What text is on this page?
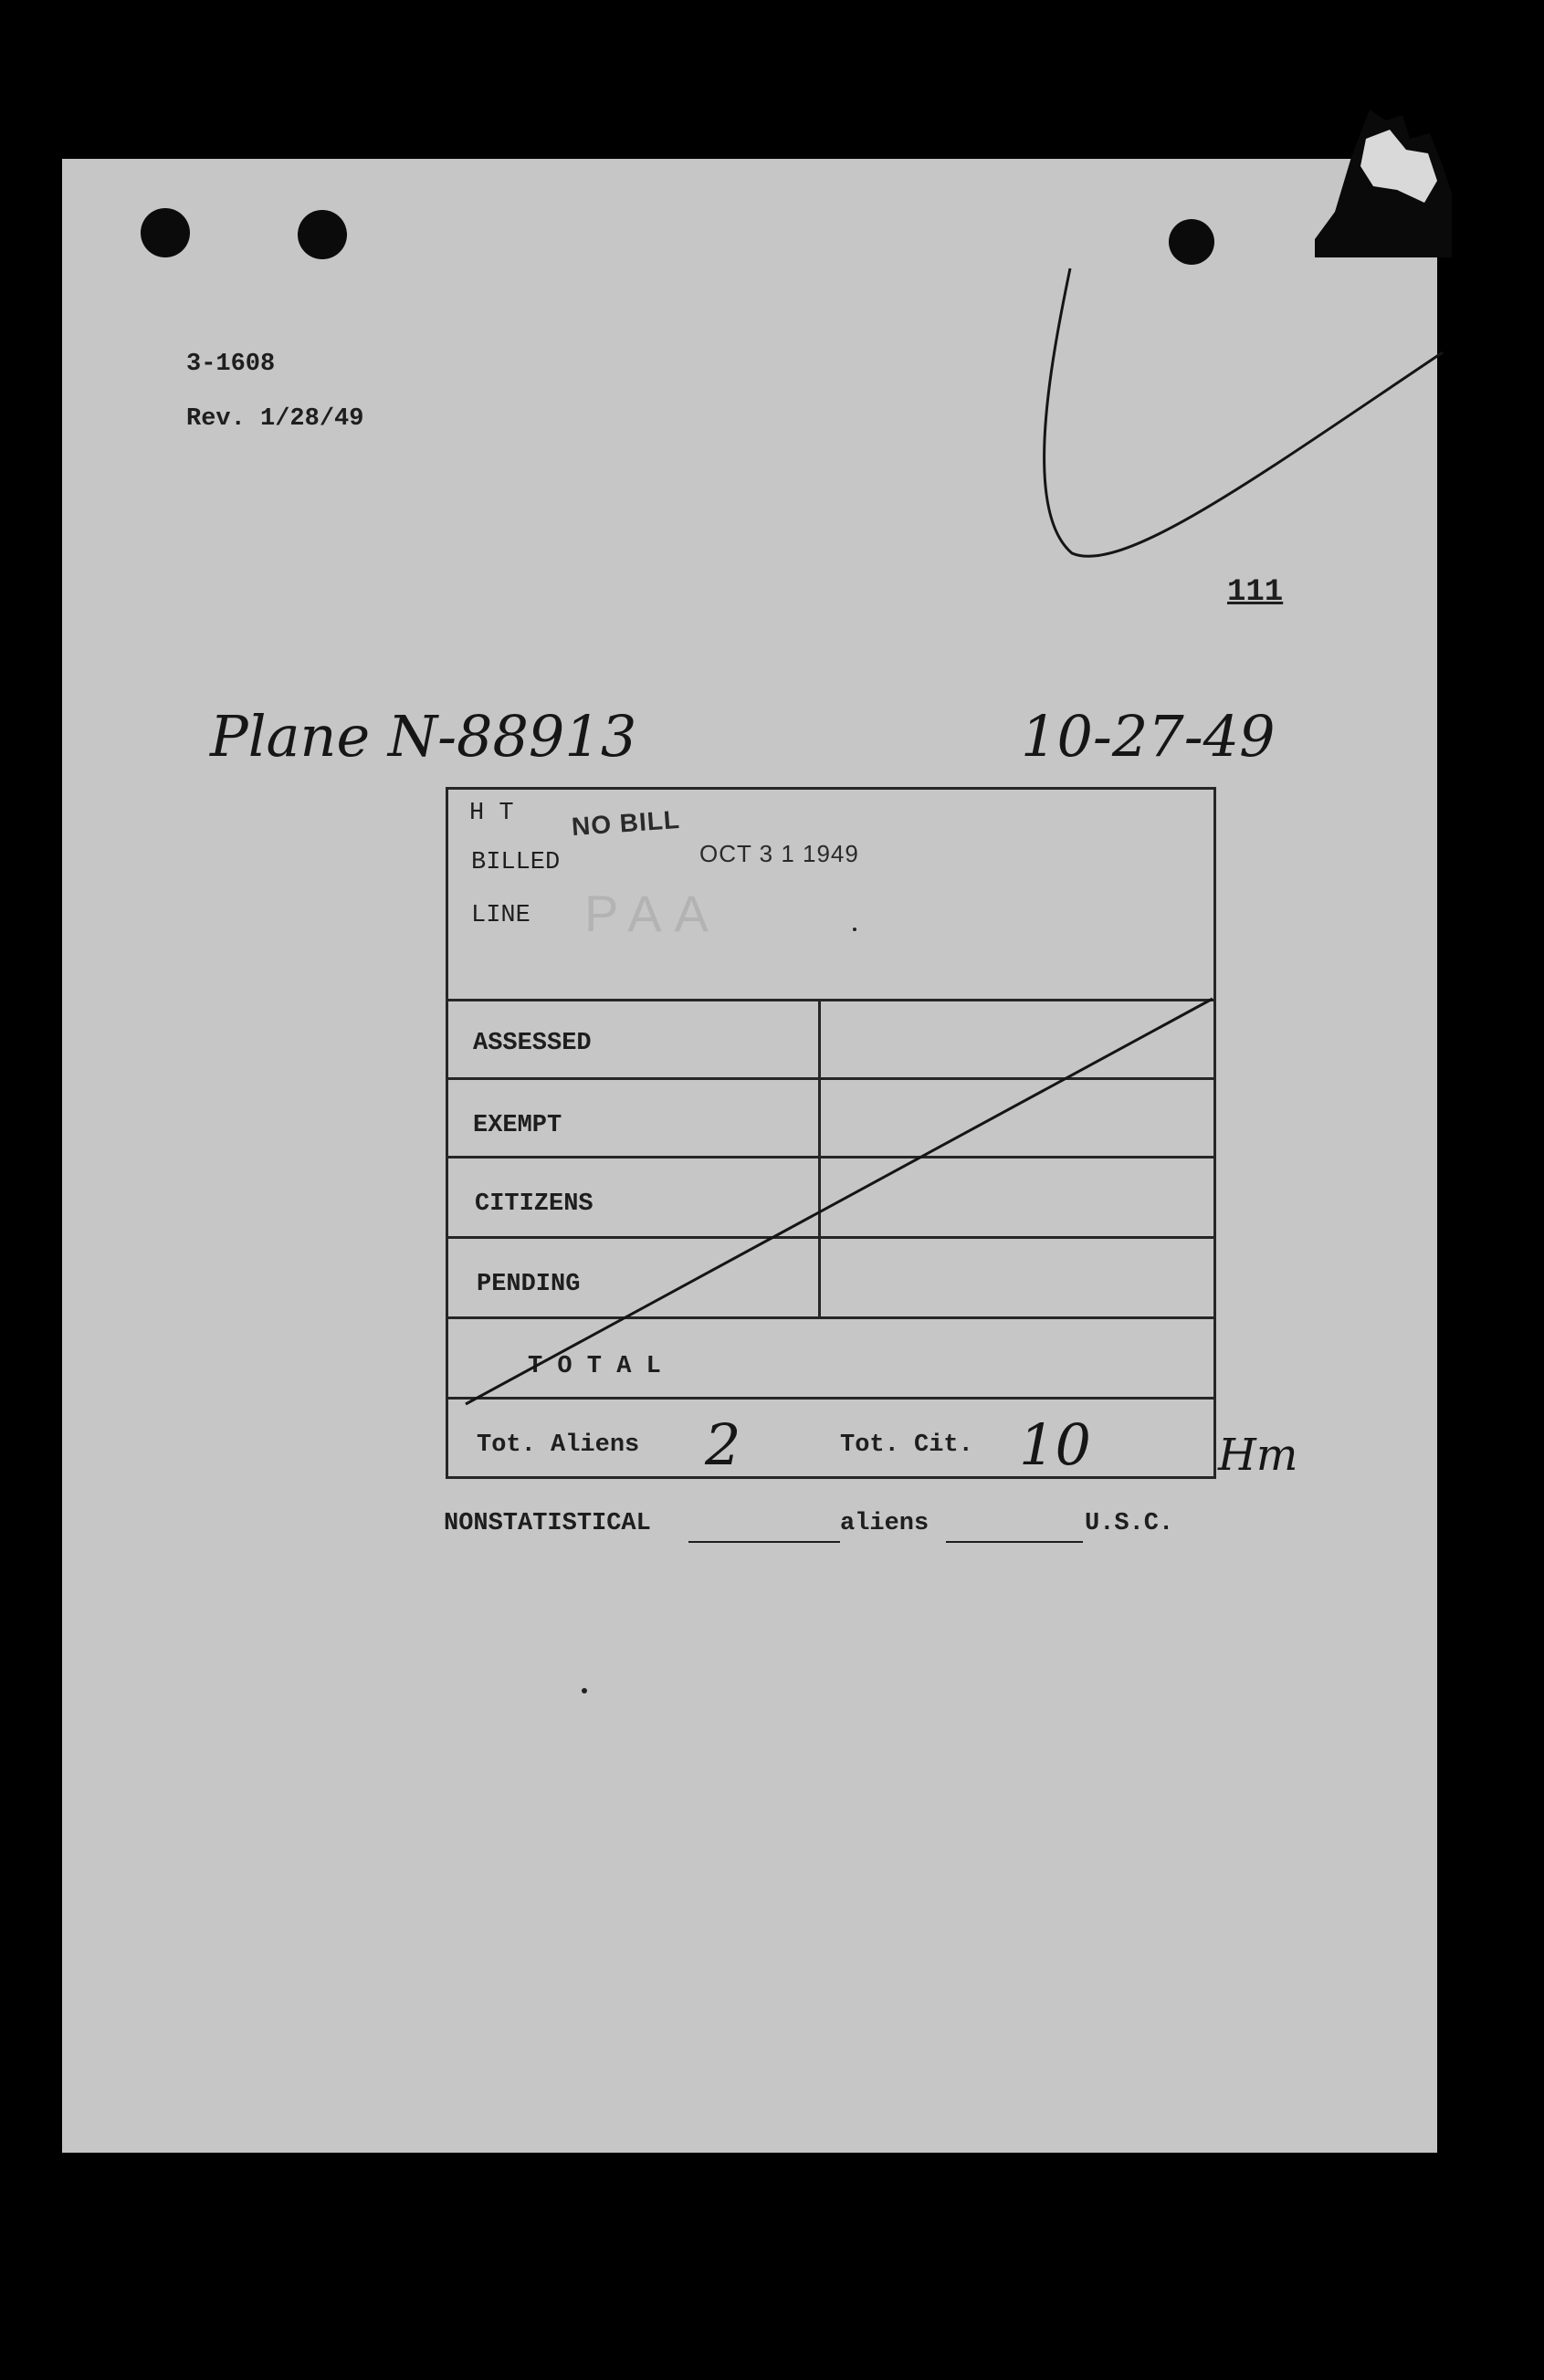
3-1608
Rev. 1/28/49
111
Plane N-88913	10-27-49
H T
BILLED
LINE PAA
NO BILL
OCT 3 1 1949
ASSESSED
EXEMPT
CITIZENS
PENDING
T O T A L
Tot. Aliens 2	Tot. Cit. 10	Hm
NONSTATISTICAL	aliens	U.S.C.
